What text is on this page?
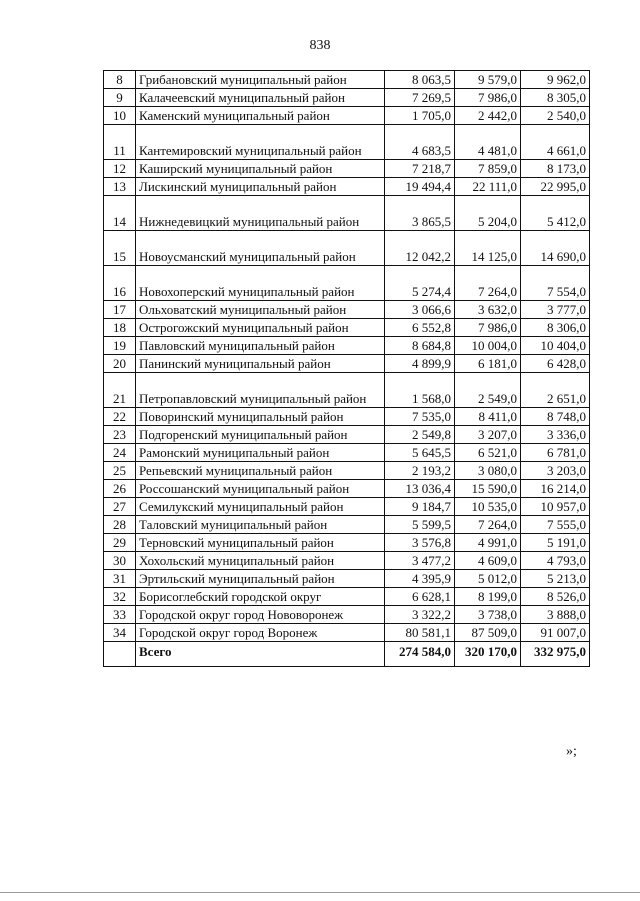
838
8	Грибановский муниципальный район	8 063,5	9 579,0	9 962,0
9	Калачеевский муниципальный район	7 269,5	7 986,0	8 305,0
10	Каменский муниципальный район	1 705,0	2 442,0	2 540,0
11	Кантемировский муниципальный район	4 683,5	4 481,0	4 661,0
12	Каширский муниципальный район	7 218,7	7 859,0	8 173,0
13	Лискинский муниципальный район	19 494,4	22 111,0	22 995,0
14	Нижнедевицкий муниципальный район	3 865,5	5 204,0	5 412,0
15	Новоусманский муниципальный район	12 042,2	14 125,0	14 690,0
16	Новохоперский муниципальный район	5 274,4	7 264,0	7 554,0
17	Ольховатский муниципальный район	3 066,6	3 632,0	3 777,0
18	Острогожский муниципальный район	6 552,8	7 986,0	8 306,0
19	Павловский муниципальный район	8 684,8	10 004,0	10 404,0
20	Панинский муниципальный район	4 899,9	6 181,0	6 428,0
21	Петропавловский муниципальный район	1 568,0	2 549,0	2 651,0
22	Поворинский муниципальный район	7 535,0	8 411,0	8 748,0
23	Подгоренский муниципальный район	2 549,8	3 207,0	3 336,0
24	Рамонский муниципальный район	5 645,5	6 521,0	6 781,0
25	Репьевский муниципальный район	2 193,2	3 080,0	3 203,0
26	Россошанский муниципальный район	13 036,4	15 590,0	16 214,0
27	Семилукский муниципальный район	9 184,7	10 535,0	10 957,0
28	Таловский муниципальный район	5 599,5	7 264,0	7 555,0
29	Терновский муниципальный район	3 576,8	4 991,0	5 191,0
30	Хохольский муниципальный район	3 477,2	4 609,0	4 793,0
31	Эртильский муниципальный район	4 395,9	5 012,0	5 213,0
32	Борисоглебский городской округ	6 628,1	8 199,0	8 526,0
33	Городской округ город Нововоронеж	3 322,2	3 738,0	3 888,0
34	Городской округ город Воронеж	80 581,1	87 509,0	91 007,0
	Всего	274 584,0	320 170,0	332 975,0
»;
